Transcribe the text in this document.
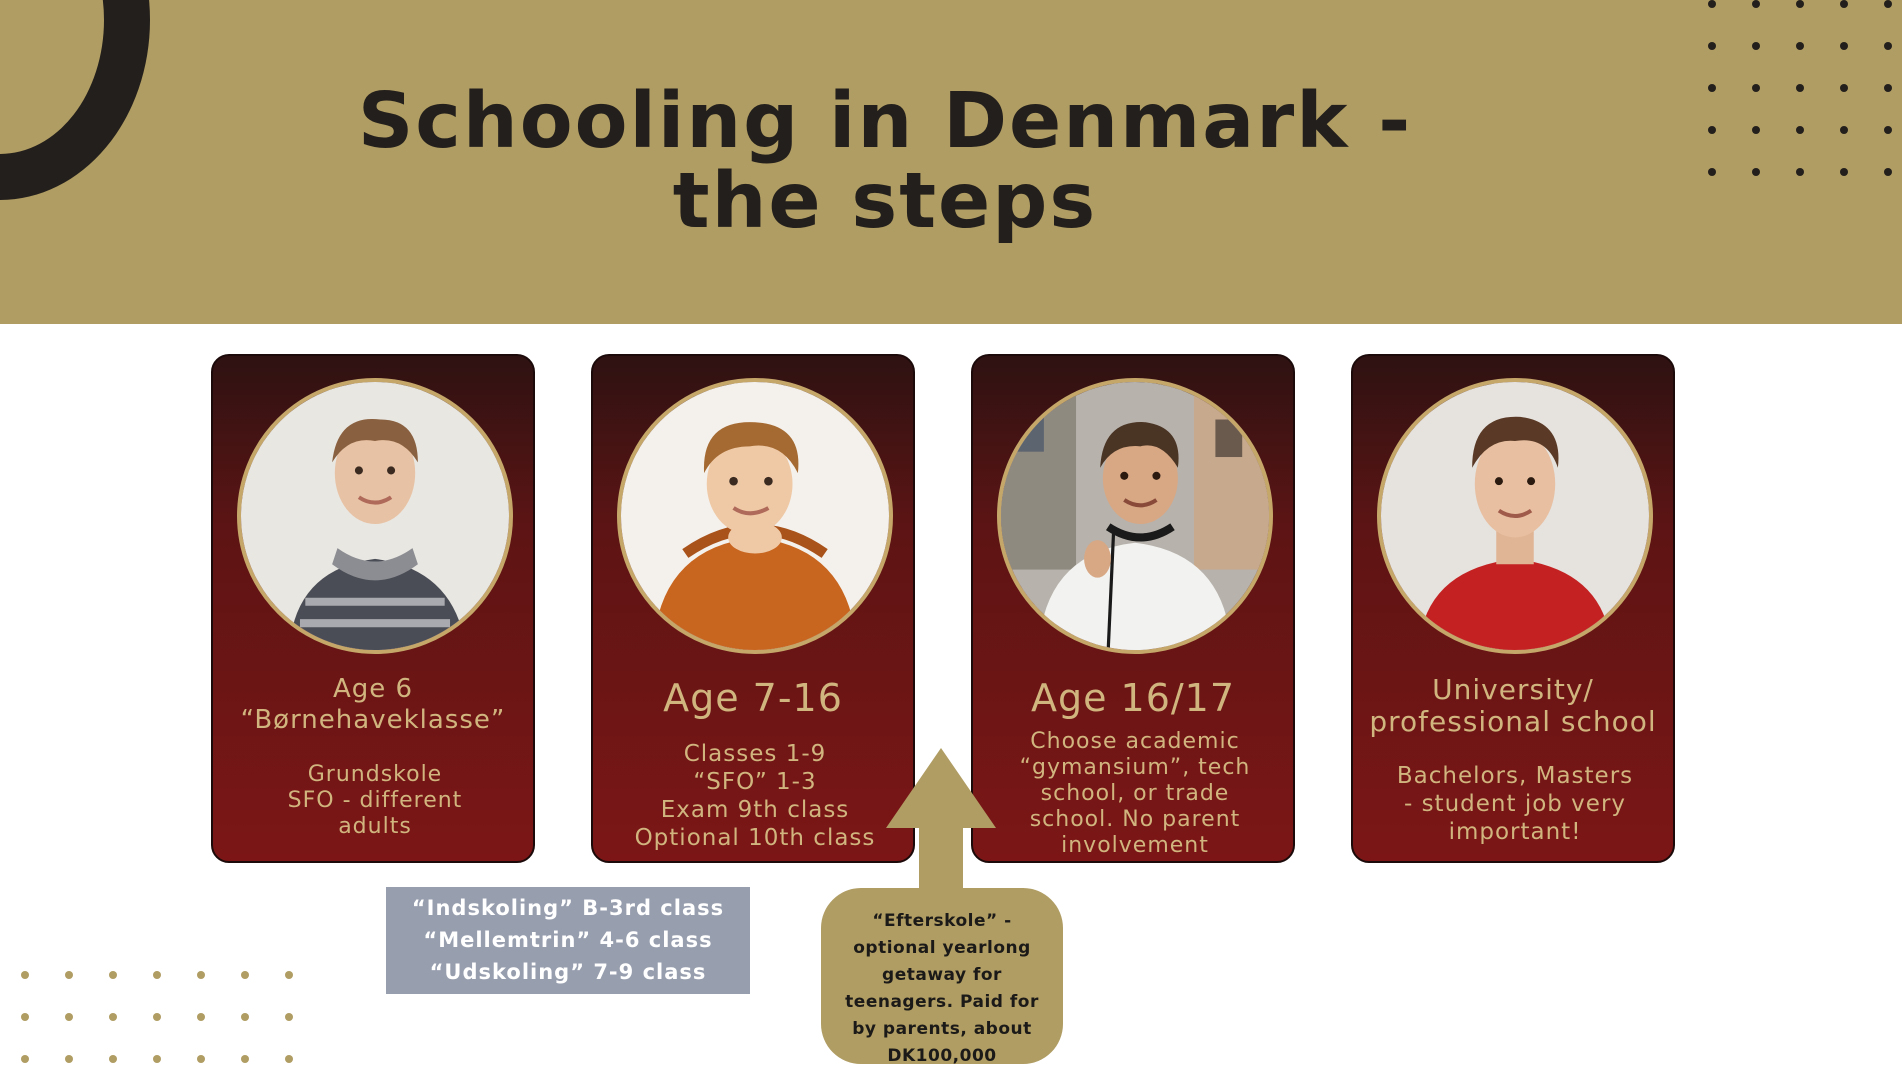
Schooling in Denmark -
the steps
Age 6
“Børnehaveklasse”
Grundskole
SFO - different
adults
Age 7-16
Classes 1-9
“SFO” 1-3
Exam 9th class
Optional 10th class
Age 16/17
Choose academic
“gymansium”, tech
school, or trade
school. No parent
involvement
University/
professional school
Bachelors, Masters
- student job very
important!
“Indskoling” B-3rd class
“Mellemtrin” 4-6 class
“Udskoling” 7-9 class
“Efterskole” - optional yearlong getaway for teenagers. Paid for by parents, about DK100,000
